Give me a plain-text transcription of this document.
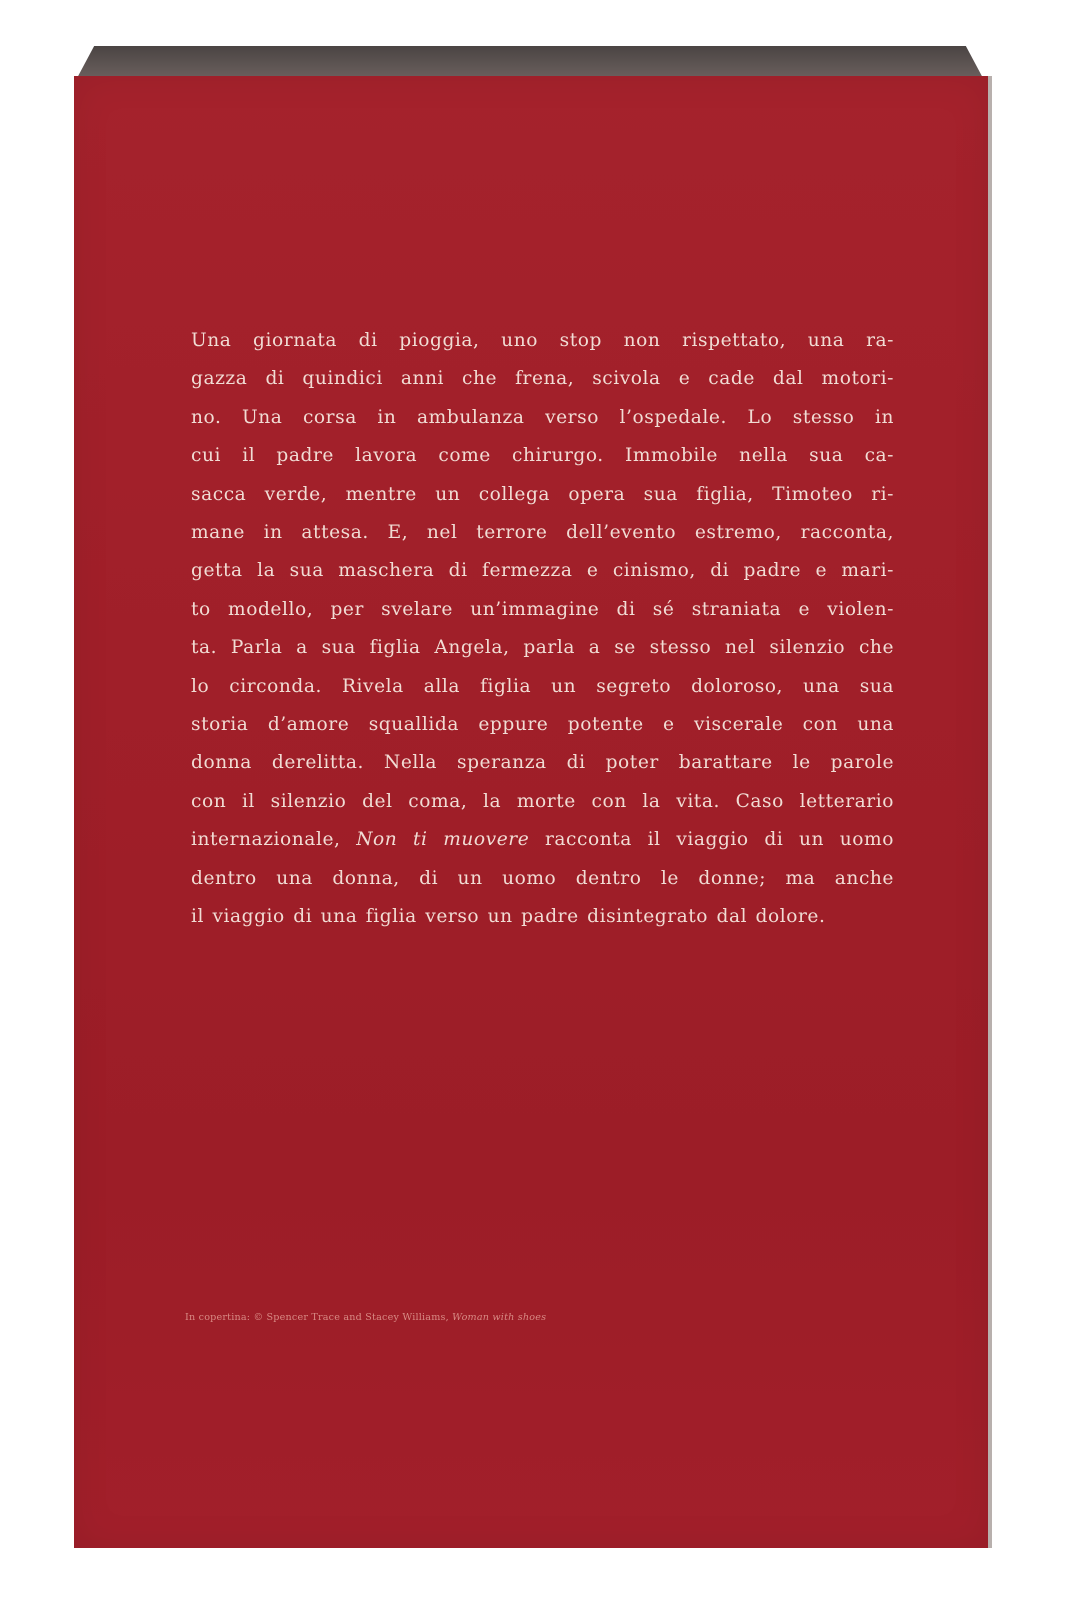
Una giornata di pioggia, uno stop non rispettato, una ra-
gazza di quindici anni che frena, scivola e cade dal motori-
no. Una corsa in ambulanza verso l’ospedale. Lo stesso in
cui il padre lavora come chirurgo. Immobile nella sua ca-
sacca verde, mentre un collega opera sua figlia, Timoteo ri-
mane in attesa. E, nel terrore dell’evento estremo, racconta,
getta la sua maschera di fermezza e cinismo, di padre e mari-
to modello, per svelare un’immagine di sé straniata e violen-
ta. Parla a sua figlia Angela, parla a se stesso nel silenzio che
lo circonda. Rivela alla figlia un segreto doloroso, una sua
storia d’amore squallida eppure potente e viscerale con una
donna derelitta. Nella speranza di poter barattare le parole
con il silenzio del coma, la morte con la vita. Caso letterario
internazionale, Non ti muovere racconta il viaggio di un uomo
dentro una donna, di un uomo dentro le donne; ma anche
il viaggio di una figlia verso un padre disintegrato dal dolore.

In copertina: © Spencer Trace and Stacey Williams, Woman with shoes
